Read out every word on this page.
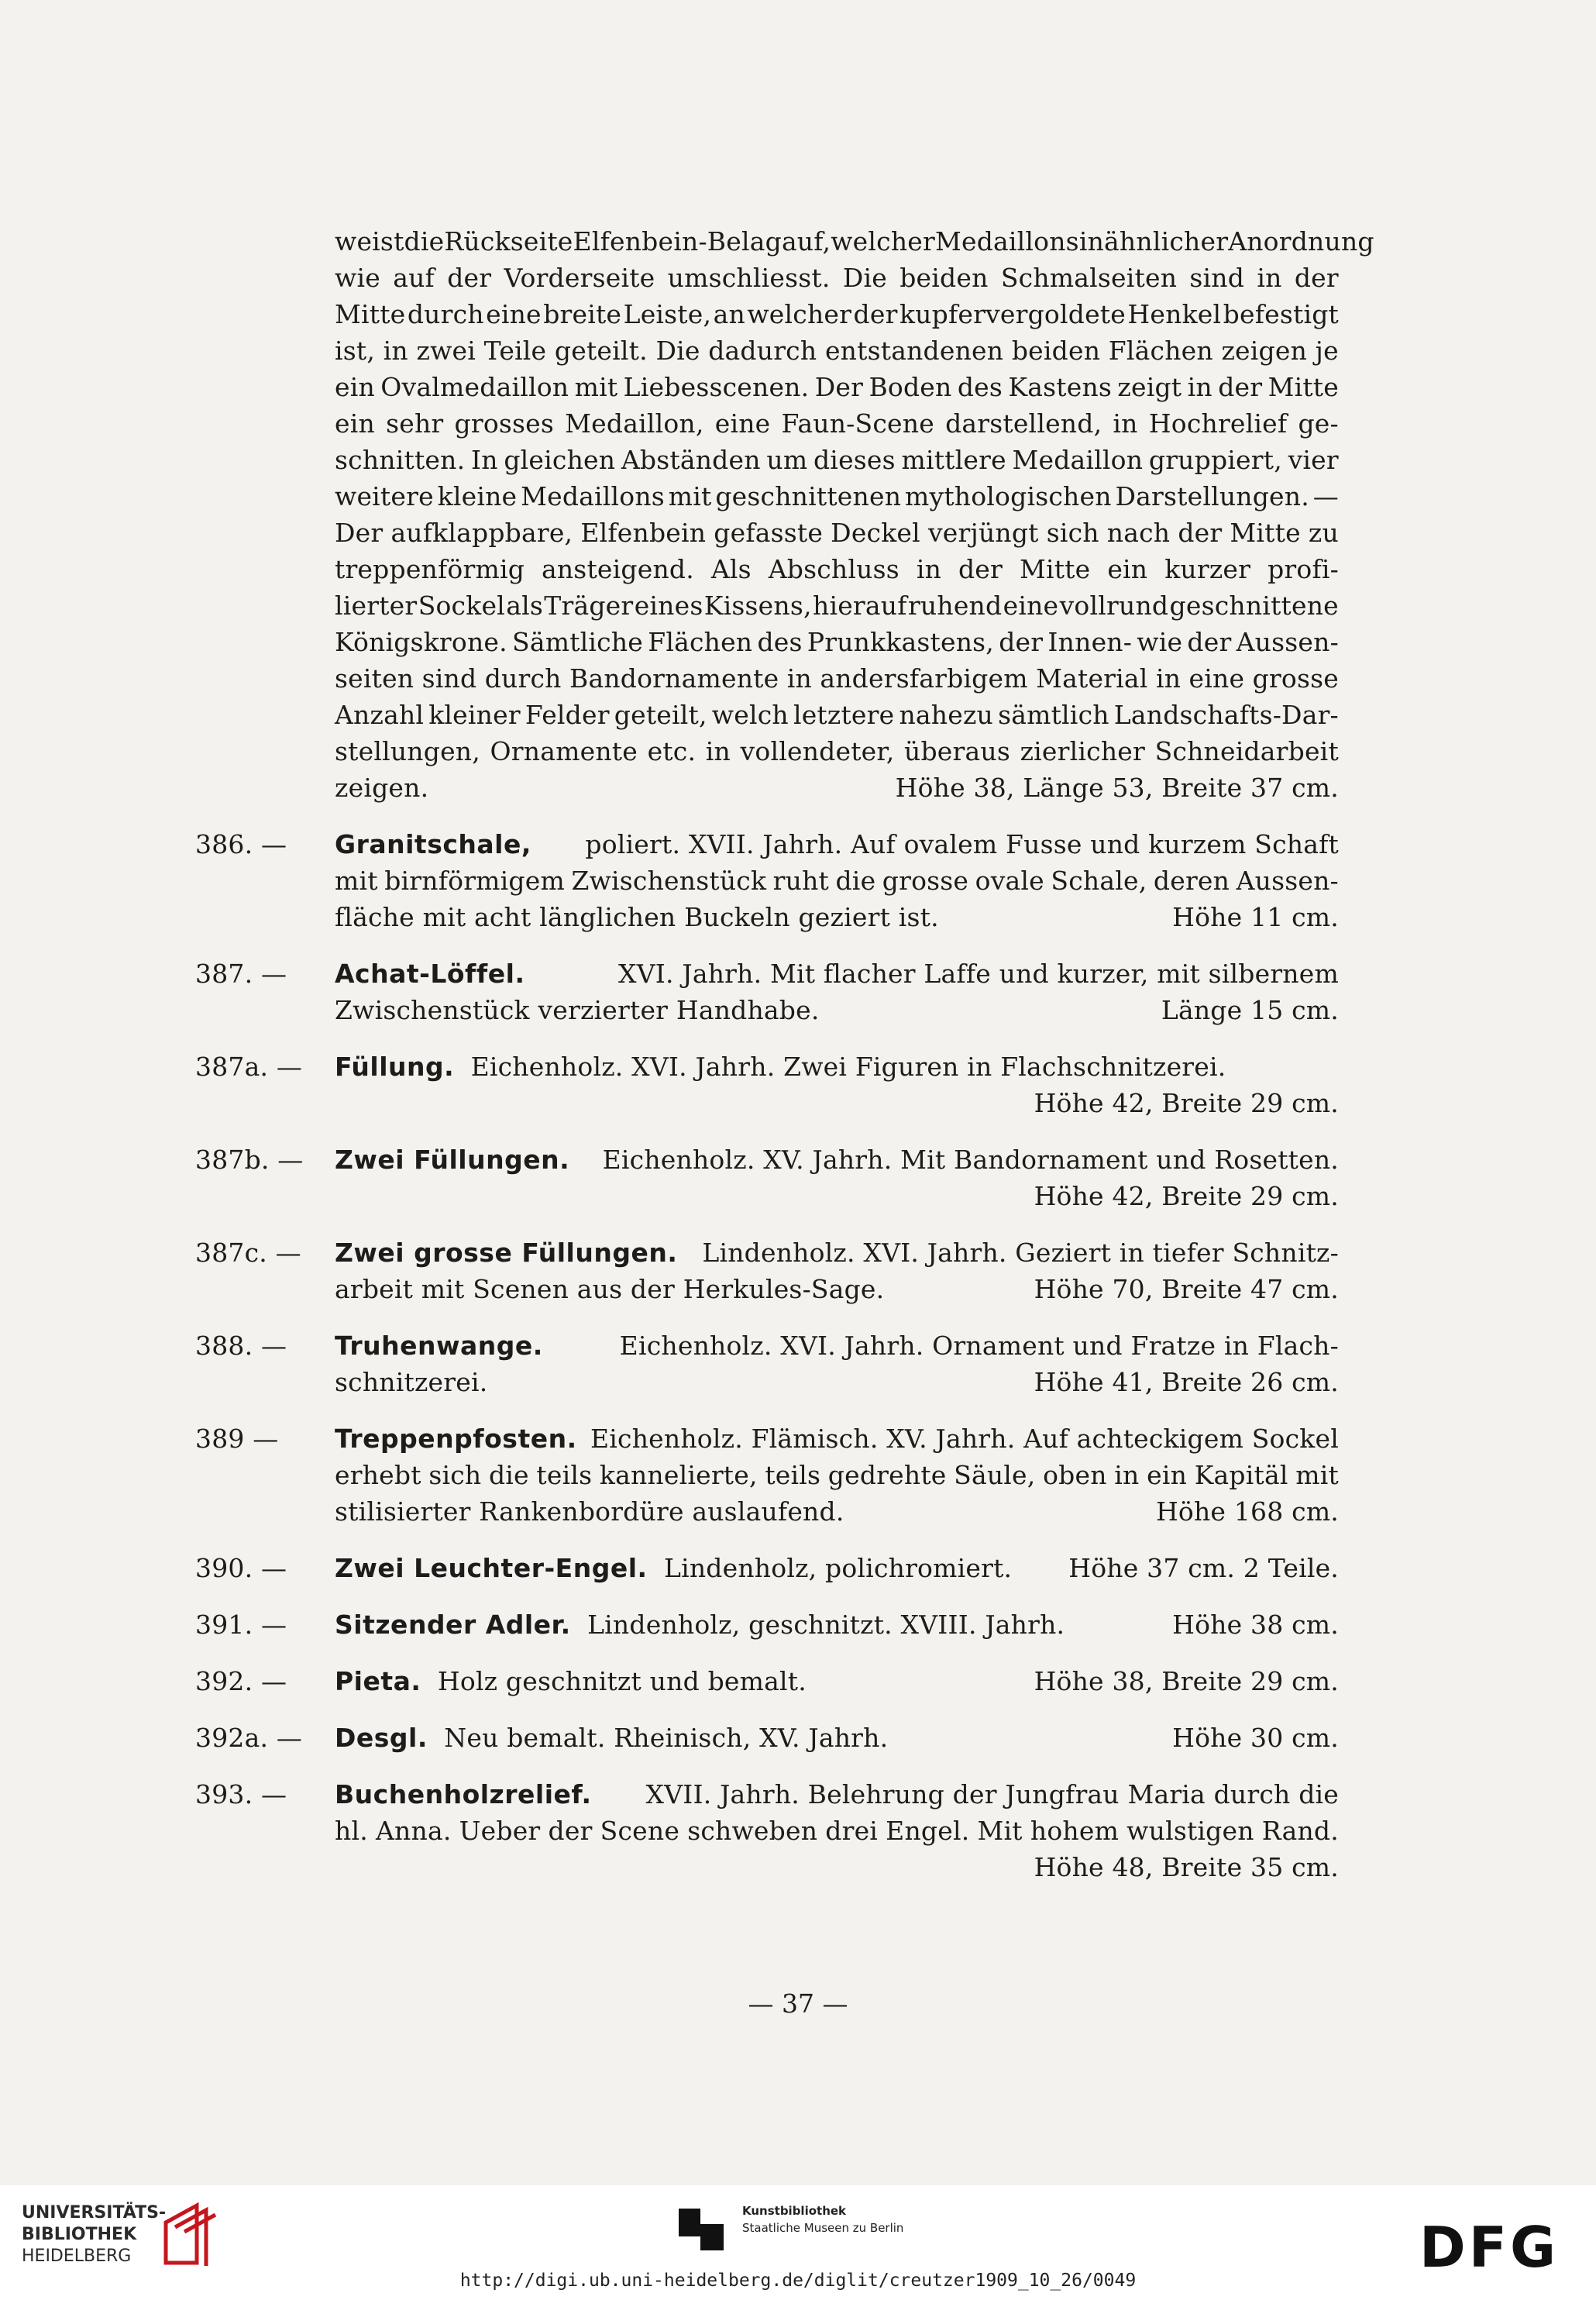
weist die Rückseite Elfenbein-Belag auf, welcher Medaillons in ähnlicher Anordnung
wie auf der Vorderseite umschliesst. Die beiden Schmalseiten sind in der
Mitte durch eine breite Leiste, an welcher der kupfervergoldete Henkel befestigt
ist, in zwei Teile geteilt. Die dadurch entstandenen beiden Flächen zeigen je
ein Ovalmedaillon mit Liebesscenen. Der Boden des Kastens zeigt in der Mitte
ein sehr grosses Medaillon, eine Faun-Scene darstellend, in Hochrelief ge-
schnitten. In gleichen Abständen um dieses mittlere Medaillon gruppiert, vier
weitere kleine Medaillons mit geschnittenen mythologischen Darstellungen. —
Der aufklappbare, Elfenbein gefasste Deckel verjüngt sich nach der Mitte zu
treppenförmig ansteigend. Als Abschluss in der Mitte ein kurzer profi-
lierter Sockel als Träger eines Kissens, hierauf ruhend eine vollrund geschnittene
Königskrone. Sämtliche Flächen des Prunkkastens, der Innen- wie der Aussen-
seiten sind durch Bandornamente in andersfarbigem Material in eine grosse
Anzahl kleiner Felder geteilt, welch letztere nahezu sämtlich Landschafts-Dar-
stellungen, Ornamente etc. in vollendeter, überaus zierlicher Schneidarbeit
zeigen.	Höhe 38, Länge 53, Breite 37 cm.
386. —	Granitschale, poliert. XVII. Jahrh. Auf ovalem Fusse und kurzem Schaft
mit birnförmigem Zwischenstück ruht die grosse ovale Schale, deren Aussen-
fläche mit acht länglichen Buckeln geziert ist.	Höhe 11 cm.
387. —	Achat-Löffel.	XVI. Jahrh. Mit flacher Laffe und kurzer, mit silbernem
Zwischenstück verzierter Handhabe.	Länge 15 cm.
387a. —	Füllung.
Eichenholz. XVI. Jahrh. Zwei Figuren in Flachschnitzerei.
Höhe 42, Breite 29 cm.
387b. —	Zwei Füllungen. Eichenholz. XV. Jahrh. Mit Bandornament und Rosetten.
Höhe 42, Breite 29 cm.
387c. —	Zwei grosse Füllungen. Lindenholz. XVI. Jahrh. Geziert in tiefer Schnitz-
arbeit mit Scenen aus der Herkules-Sage.	Höhe 70, Breite 47 cm.
388. —	Truhenwange.	Eichenholz. XVI. Jahrh. Ornament und Fratze in Flach-
schnitzerei.	Höhe 41, Breite 26 cm.
389 —	Treppenpfosten. Eichenholz. Flämisch. XV. Jahrh. Auf achteckigem Sockel
erhebt sich die teils kannelierte, teils gedrehte Säule, oben in ein Kapitäl mit
stilisierter Rankenbordüre auslaufend.	Höhe 168 cm.
390. —	Zwei Leuchter-Engel. Lindenholz, polichromiert. Höhe 37 cm. 2 Teile.
391. —	Sitzender Adler. Lindenholz, geschnitzt. XVIII. Jahrh.	Höhe 38 cm.
392. —	Pieta. Holz geschnitzt und bemalt.	Höhe 38, Breite 29 cm.
392a. —	Desgl. Neu bemalt. Rheinisch, XV. Jahrh.	Höhe 30 cm.
393. —	Buchenholzrelief. XVII. Jahrh. Belehrung der Jungfrau Maria durch die
hl. Anna. Ueber der Scene schweben drei Engel. Mit hohem wulstigen Rand.
Höhe 48, Breite 35 cm.
— 37 —
UNIVERSITÄTS-
BIBLIOTHEK
HEIDELBERG
Kunstbibliothek
Staatliche Museen zu Berlin	DFG
http://digi.ub.uni-heidelberg.de/diglit/creutzer1909_10_26/0049
